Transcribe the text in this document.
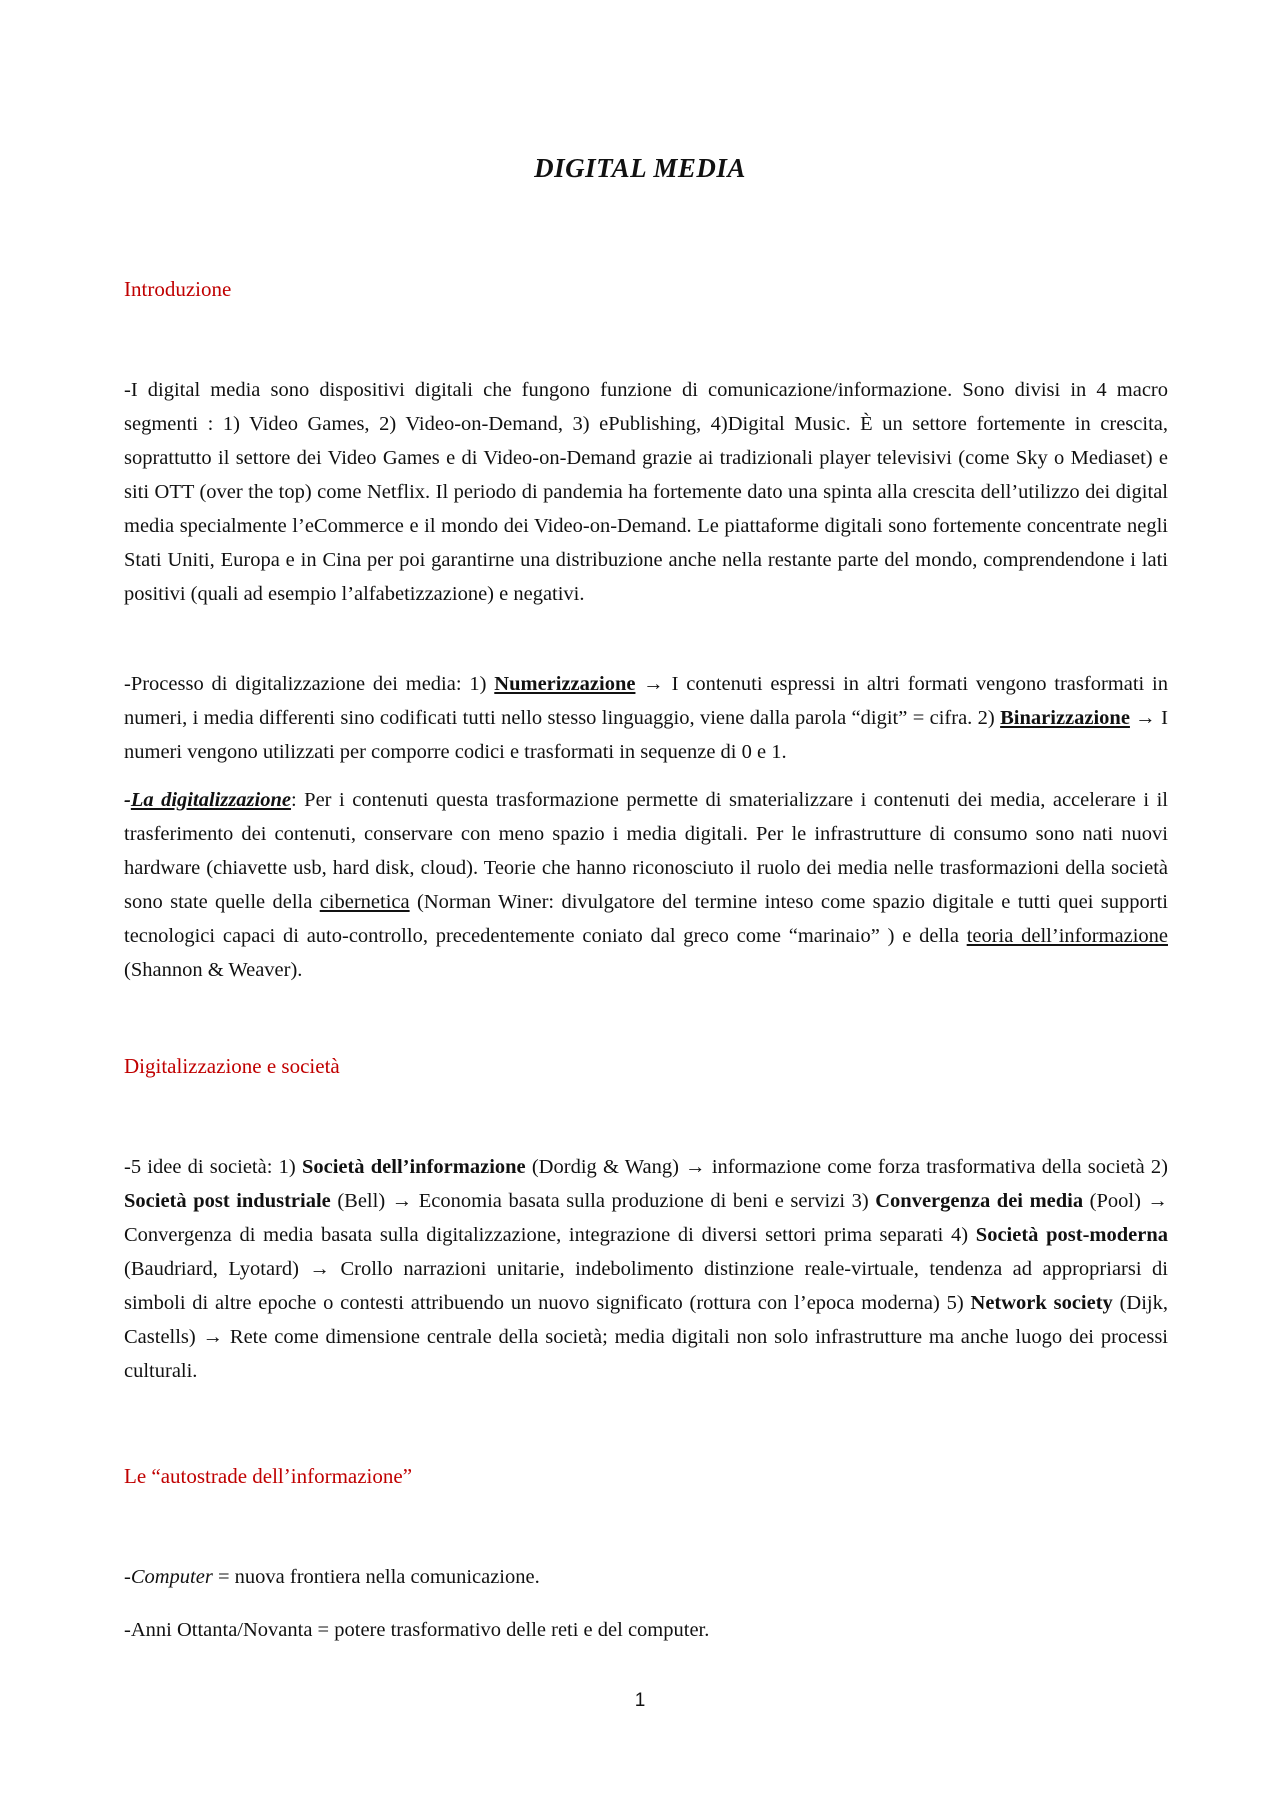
DIGITAL MEDIA
Introduzione

-I digital media sono dispositivi digitali che fungono funzione di comunicazione/informazione. Sono divisi in 4 macro segmenti : 1) Video Games, 2) Video-on-Demand, 3) ePublishing, 4)Digital Music. È un settore fortemente in crescita, soprattutto il settore dei Video Games e di Video-on-Demand grazie ai tradizionali player televisivi (come Sky o Mediaset) e siti OTT (over the top) come Netflix. Il periodo di pandemia ha fortemente dato una spinta alla crescita dell’utilizzo dei digital media specialmente l’eCommerce e il mondo dei Video-on-Demand. Le piattaforme digitali sono fortemente concentrate negli Stati Uniti, Europa e in Cina per poi garantirne una distribuzione anche nella restante parte del mondo, comprendendone i lati positivi (quali ad esempio l’alfabetizzazione) e negativi.

-Processo di digitalizzazione dei media: 1) Numerizzazione → I contenuti espressi in altri formati vengono trasformati in numeri, i media differenti sino codificati tutti nello stesso linguaggio, viene dalla parola “digit” = cifra. 2) Binarizzazione → I numeri vengono utilizzati per comporre codici e trasformati in sequenze di 0 e 1.

-La digitalizzazione: Per i contenuti questa trasformazione permette di smaterializzare i contenuti dei media, accelerare i il trasferimento dei contenuti, conservare con meno spazio i media digitali. Per le infrastrutture di consumo sono nati nuovi hardware (chiavette usb, hard disk, cloud). Teorie che hanno riconosciuto il ruolo dei media nelle trasformazioni della società sono state quelle della cibernetica (Norman Winer: divulgatore del termine inteso come spazio digitale e tutti quei supporti tecnologici capaci di auto-controllo, precedentemente coniato dal greco come “marinaio” ) e della teoria dell’informazione (Shannon & Weaver).

Digitalizzazione e società

-5 idee di società: 1) Società dell’informazione (Dordig & Wang) → informazione come forza trasformativa della società 2) Società post industriale (Bell) → Economia basata sulla produzione di beni e servizi 3) Convergenza dei media (Pool) → Convergenza di media basata sulla digitalizzazione, integrazione di diversi settori prima separati 4) Società post-moderna (Baudriard, Lyotard) → Crollo narrazioni unitarie, indebolimento distinzione reale-virtuale, tendenza ad appropriarsi di simboli di altre epoche o contesti attribuendo un nuovo significato (rottura con l’epoca moderna) 5) Network society (Dijk, Castells) → Rete come dimensione centrale della società; media digitali non solo infrastrutture ma anche luogo dei processi culturali.

Le “autostrade dell’informazione”

-Computer = nuova frontiera nella comunicazione.

-Anni Ottanta/Novanta = potere trasformativo delle reti e del computer.

1
